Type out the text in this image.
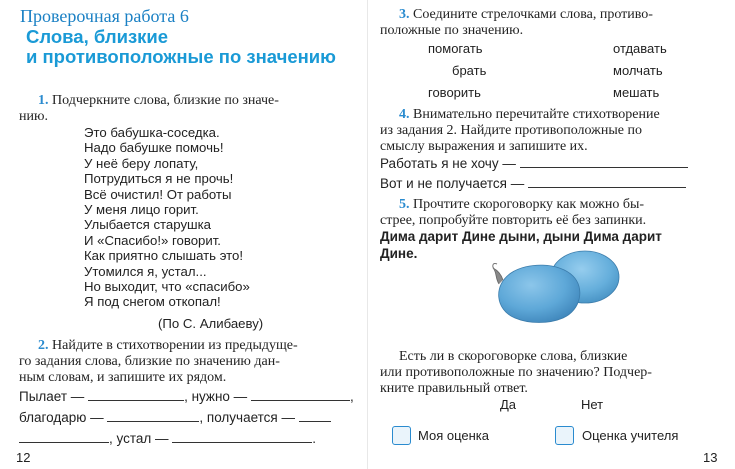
Проверочная работа 6
Слова, близкие
и противоположные по значению
1. Подчеркните слова, близкие по значе-
нию.
Это бабушка-соседка.
Надо бабушке помочь!
У неё беру лопату,
Потрудиться я не прочь!
Всё очистил! От работы
У меня лицо горит.
Улыбается старушка
И «Спасибо!» говорит.
Как приятно слышать это!
Утомился я, устал...
Но выходит, что «спасибо»
Я под снегом откопал!
(По С. Алибаеву)
2. Найдите в стихотворении из предыдуще-
го задания слова, близкие по значению дан-
ным словам, и запишите их рядом.
Пылает —	, нужно —	,
благодарю —	, получается —
, устал —	.
12
3. Соедините стрелочками слова, противо-
положные по значению.
помогать
брать
говорить
отдавать
молчать
мешать
4. Внимательно перечитайте стихотворение
из задания 2. Найдите противоположные по
смыслу выражения и запишите их.
Работать я не хочу —
Вот и не получается —
5. Прочтите скороговорку как можно бы-
стрее, попробуйте повторить её без запинки.
Дима дарит Дине дыни, дыни Дима дарит
Дине.
Есть ли в скороговорке слова, близкие
или противоположные по значению? Подчер-
кните правильный ответ.
Да	Нет
Моя оценка	Оценка учителя
13
